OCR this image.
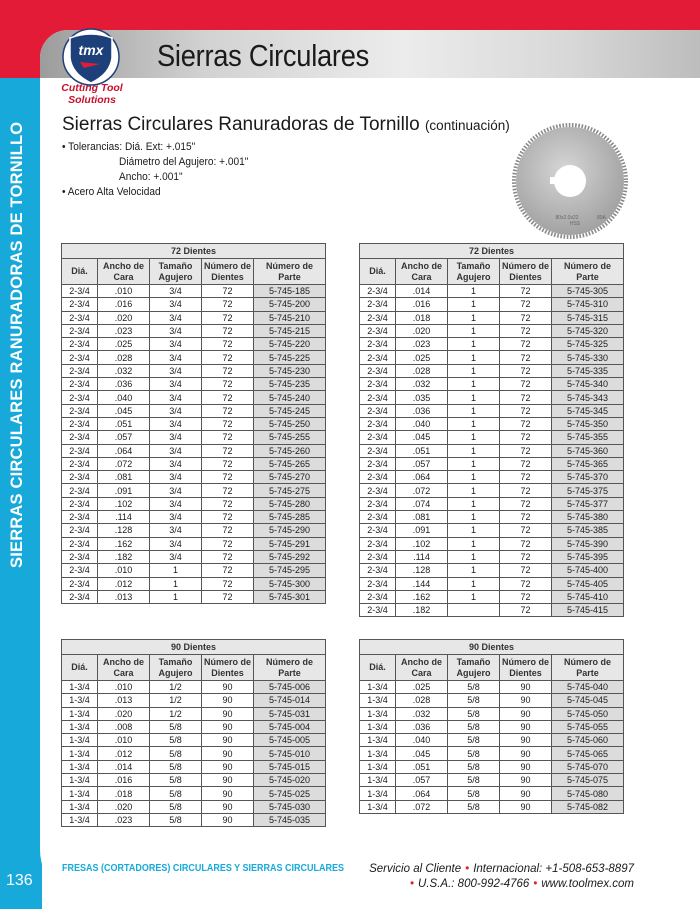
tmx
Cutting Tool
Solutions
Sierras Circulares
SIERRAS CIRCULARES RANURADORAS DE TORNILLO	Sierras Circulares Ranuradoras de Tornillo (continuación)
• Tolerancias:
Diá. Ext: +.015"
Diámetro del Agujero: +.001"
Ancho: +.001"
• Acero Alta Velocidad
80x2.0x22	80A
HSS
72 Dientes				

Diá.

Ancho de
Cara

Tamaño
Agujero

Número de
Dientes

Número de
Parte

2-3/4	.010	3/4	72	5-745-185
2-3/4	.016	3/4	72	5-745-200
2-3/4	.020	3/4	72	5-745-210
2-3/4	.023	3/4	72	5-745-215
2-3/4	.025	3/4	72	5-745-220
2-3/4	.028	3/4	72	5-745-225
2-3/4	.032	3/4	72	5-745-230
2-3/4	.036	3/4	72	5-745-235
2-3/4	.040	3/4	72	5-745-240
2-3/4	.045	3/4	72	5-745-245
2-3/4	.051	3/4	72	5-745-250
2-3/4	.057	3/4	72	5-745-255
2-3/4	.064	3/4	72	5-745-260
2-3/4	.072	3/4	72	5-745-265
2-3/4	.081	3/4	72	5-745-270
2-3/4	.091	3/4	72	5-745-275
2-3/4	.102	3/4	72	5-745-280
2-3/4	.114	3/4	72	5-745-285
2-3/4	.128	3/4	72	5-745-290
2-3/4	.162	3/4	72	5-745-291
2-3/4	.182	3/4	72	5-745-292
2-3/4	.010	1	72	5-745-295
2-3/4	.012	1	72	5-745-300
2-3/4	.013	1	72	5-745-301
72 Dientes				

Diá.

Ancho de
Cara

Tamaño
Agujero

Número de
Dientes

Número de
Parte

2-3/4	.014	1	72	5-745-305
2-3/4	.016	1	72	5-745-310
2-3/4	.018	1	72	5-745-315
2-3/4	.020	1	72	5-745-320
2-3/4	.023	1	72	5-745-325
2-3/4	.025	1	72	5-745-330
2-3/4	.028	1	72	5-745-335
2-3/4	.032	1	72	5-745-340
2-3/4	.035	1	72	5-745-343
2-3/4	.036	1	72	5-745-345
2-3/4	.040	1	72	5-745-350
2-3/4	.045	1	72	5-745-355
2-3/4	.051	1	72	5-745-360
2-3/4	.057	1	72	5-745-365
2-3/4	.064	1	72	5-745-370
2-3/4	.072	1	72	5-745-375
2-3/4	.074	1	72	5-745-377
2-3/4	.081	1	72	5-745-380
2-3/4	.091	1	72	5-745-385
2-3/4	.102	1	72	5-745-390
2-3/4	.114	1	72	5-745-395
2-3/4	.128	1	72	5-745-400
2-3/4	.144	1	72	5-745-405
2-3/4	.162	1	72	5-745-410
2-3/4	.182		72	5-745-415
90 Dientes				

Diá.

Ancho de
Cara

Tamaño
Agujero

Número de
Dientes

Número de
Parte

1-3/4	.010	1/2	90	5-745-006
1-3/4	.013	1/2	90	5-745-014
1-3/4	.020	1/2	90	5-745-031
1-3/4	.008	5/8	90	5-745-004
1-3/4	.010	5/8	90	5-745-005
1-3/4	.012	5/8	90	5-745-010
1-3/4	.014	5/8	90	5-745-015
1-3/4	.016	5/8	90	5-745-020
1-3/4	.018	5/8	90	5-745-025
1-3/4	.020	5/8	90	5-745-030
1-3/4	.023	5/8	90	5-745-035
90 Dientes				

Diá.

Ancho de
Cara

Tamaño
Agujero

Número de
Dientes

Número de
Parte

1-3/4	.025	5/8	90	5-745-040
1-3/4	.028	5/8	90	5-745-045
1-3/4	.032	5/8	90	5-745-050
1-3/4	.036	5/8	90	5-745-055
1-3/4	.040	5/8	90	5-745-060
1-3/4	.045	5/8	90	5-745-065
1-3/4	.051	5/8	90	5-745-070
1-3/4	.057	5/8	90	5-745-075
1-3/4	.064	5/8	90	5-745-080
1-3/4	.072	5/8	90	5-745-082
FRESAS (CORTADORES) CIRCULARES Y SIERRAS CIRCULARES Servicio al Cliente • Internacional: +1-508-653-8897
• U.S.A.: 800-992-4766 • www.toolmex.com
136
